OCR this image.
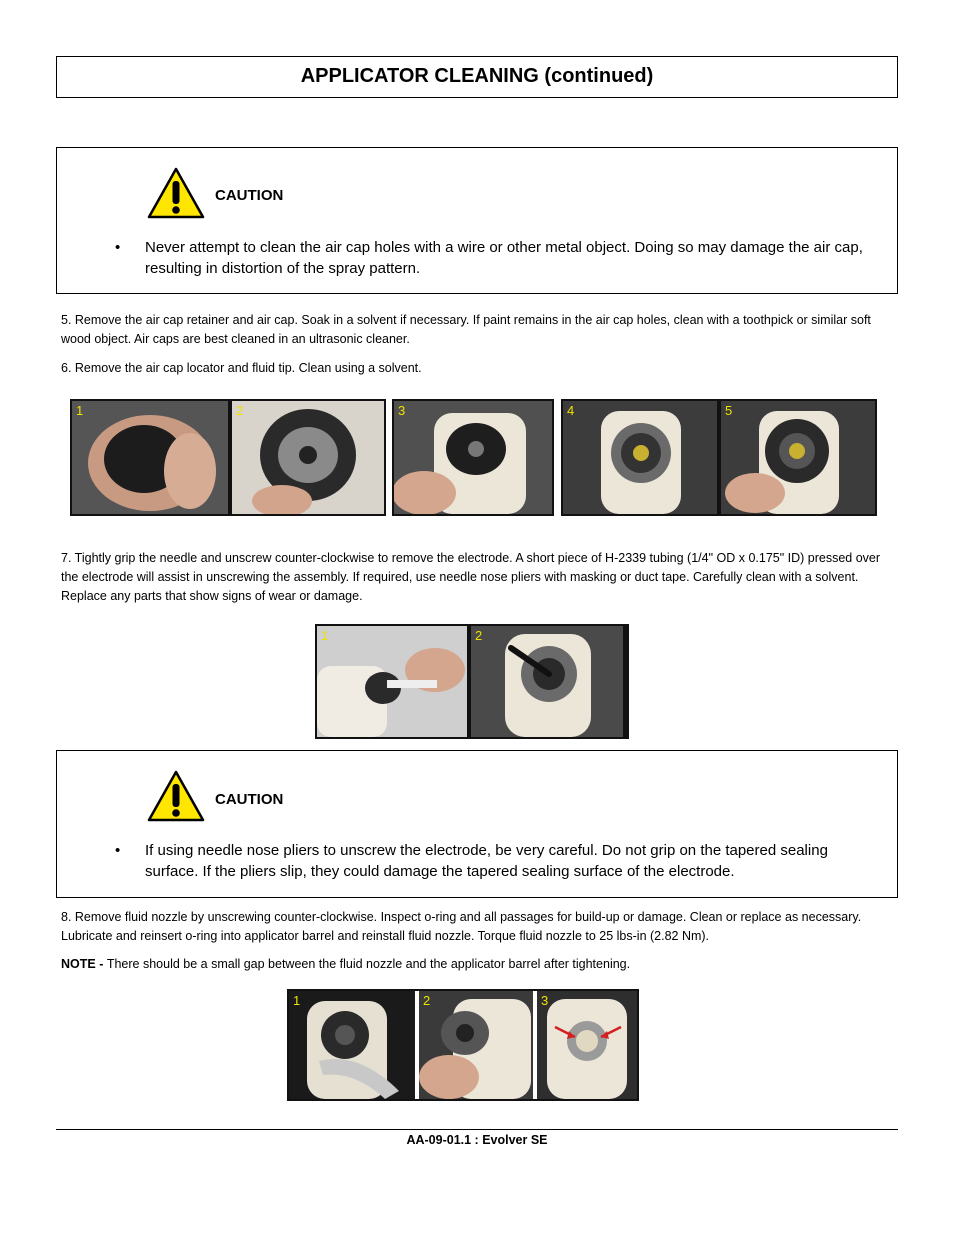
APPLICATOR CLEANING (continued)
CAUTION
• Never attempt to clean the air cap holes with a wire or other metal object. Doing so may damage the air cap, resulting in distortion of the spray pattern.
5. Remove the air cap retainer and air cap. Soak in a solvent if necessary. If paint remains in the air cap holes, clean with a toothpick or similar soft wood object. Air caps are best cleaned in an ultrasonic cleaner.
6. Remove the air cap locator and fluid tip. Clean using a solvent.
1	2	3	4	5
7. Tightly grip the needle and unscrew counter-clockwise to remove the electrode. A short piece of H-2339 tubing (1/4" OD x 0.175" ID) pressed over the electrode will assist in unscrewing the assembly. If required, use needle nose pliers with masking or duct tape. Carefully clean with a solvent. Replace any parts that show signs of wear or damage.
1	2
CAUTION
• If using needle nose pliers to unscrew the electrode, be very careful. Do not grip on the tapered sealing surface. If the pliers slip, they could damage the tapered sealing surface of the electrode.
8. Remove fluid nozzle by unscrewing counter-clockwise. Inspect o-ring and all passages for build-up or damage. Clean or replace as necessary. Lubricate and reinsert o-ring into applicator barrel and reinstall fluid nozzle. Torque fluid nozzle to 25 lbs-in (2.82 Nm).
NOTE - There should be a small gap between the fluid nozzle and the applicator barrel after tightening.
1	2	3
AA-09-01.1 : Evolver SE
